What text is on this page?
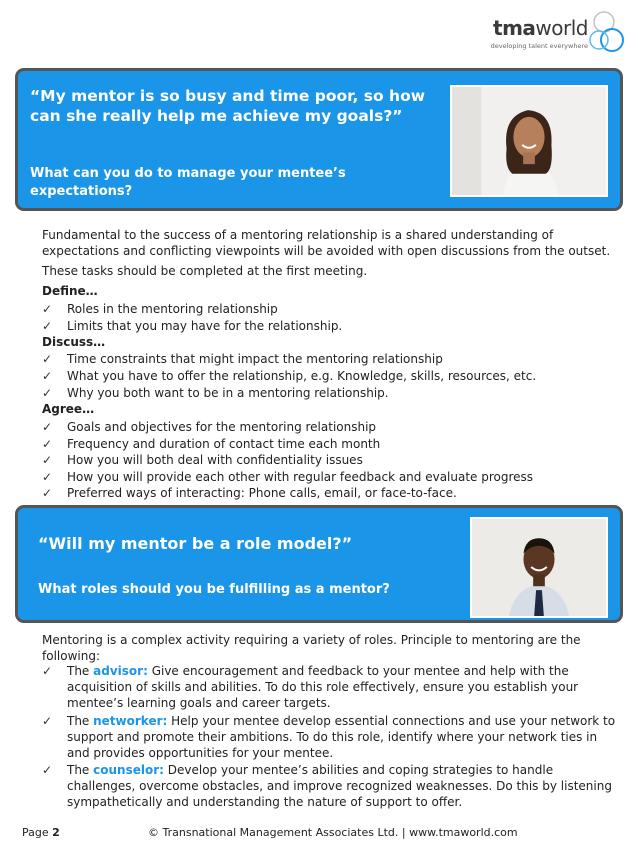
tmaworld
developing talent everywhere
“My mentor is so busy and time poor, so how can she really help me achieve my goals?”
What can you do to manage your mentee’s expectations?
Fundamental to the success of a mentoring relationship is a shared understanding of expectations and conflicting viewpoints will be avoided with open discussions from the outset.
These tasks should be completed at the first meeting.
Define…
✓ Roles in the mentoring relationship
✓ Limits that you may have for the relationship.
Discuss…
✓ Time constraints that might impact the mentoring relationship
✓ What you have to offer the relationship, e.g. Knowledge, skills, resources, etc.
✓ Why you both want to be in a mentoring relationship.
Agree…
✓ Goals and objectives for the mentoring relationship
✓ Frequency and duration of contact time each month
✓ How you will both deal with confidentiality issues
✓ How you will provide each other with regular feedback and evaluate progress
✓ Preferred ways of interacting: Phone calls, email, or face-to-face.
“Will my mentor be a role model?”
What roles should you be fulfilling as a mentor?
Mentoring is a complex activity requiring a variety of roles. Principle to mentoring are the following:
✓ The advisor: Give encouragement and feedback to your mentee and help with the acquisition of skills and abilities. To do this role effectively, ensure you establish your mentee’s learning goals and career targets.
✓ The networker: Help your mentee develop essential connections and use your network to support and promote their ambitions. To do this role, identify where your network ties in and provides opportunities for your mentee.
✓ The counselor: Develop your mentee’s abilities and coping strategies to handle challenges, overcome obstacles, and improve recognized weaknesses. Do this by listening sympathetically and understanding the nature of support to offer.
Page 2	© Transnational Management Associates Ltd. | www.tmaworld.com
